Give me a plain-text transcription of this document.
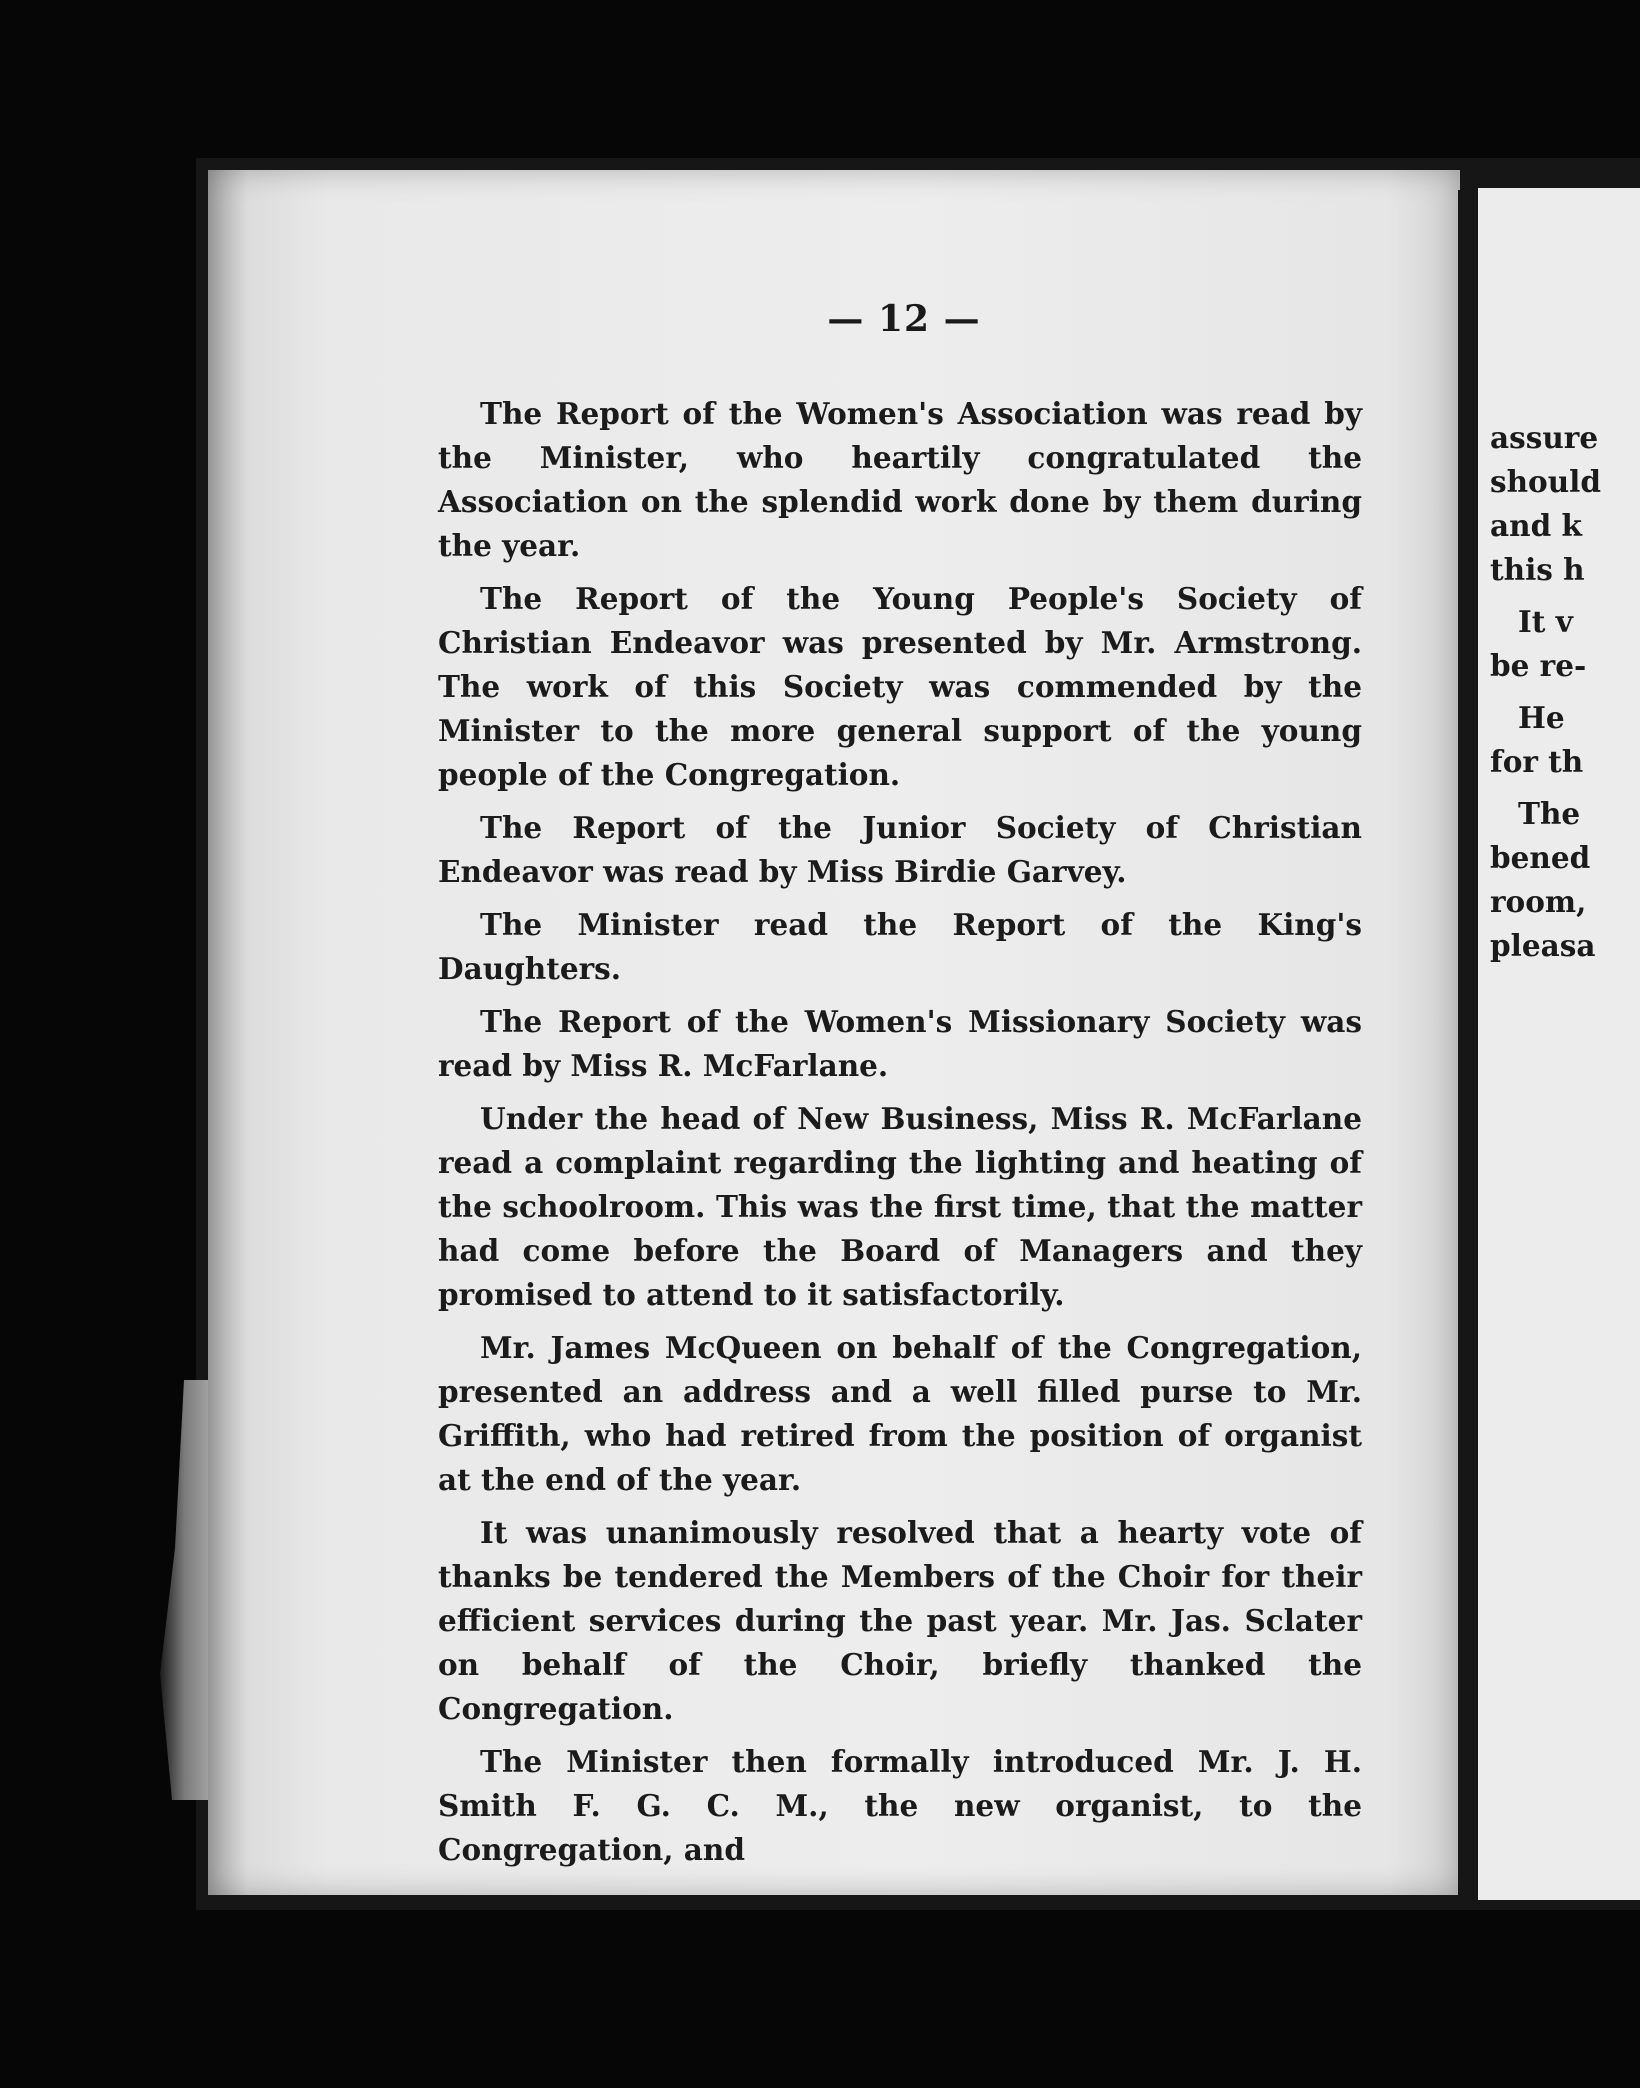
— 12 —

The Report of the Women's Association was read by the Minister, who heartily congratulated the Association on the splendid work done by them during the year.

The Report of the Young People's Society of Christian Endeavor was presented by Mr. Armstrong. The work of this Society was commended by the Minister to the more general support of the young people of the Congregation.

The Report of the Junior Society of Christian Endeavor was read by Miss Birdie Garvey.

The Minister read the Report of the King's Daughters.

The Report of the Women's Missionary Society was read by Miss R. McFarlane.

Under the head of New Business, Miss R. McFarlane read a complaint regarding the lighting and heating of the schoolroom. This was the first time, that the matter had come before the Board of Managers and they promised to attend to it satisfactorily.

Mr. James McQueen on behalf of the Congregation, presented an address and a well filled purse to Mr. Griffith, who had retired from the position of organist at the end of the year.

It was unanimously resolved that a hearty vote of thanks be tendered the Members of the Choir for their efficient services during the past year. Mr. Jas. Sclater on behalf of the Choir, briefly thanked the Congregation.

The Minister then formally introduced Mr. J. H. Smith F. G. C. M., the new organist, to the Congregation, and

assure
should
and k
this h
It v
be re-
He
for th
The
bened
room,
pleasa
